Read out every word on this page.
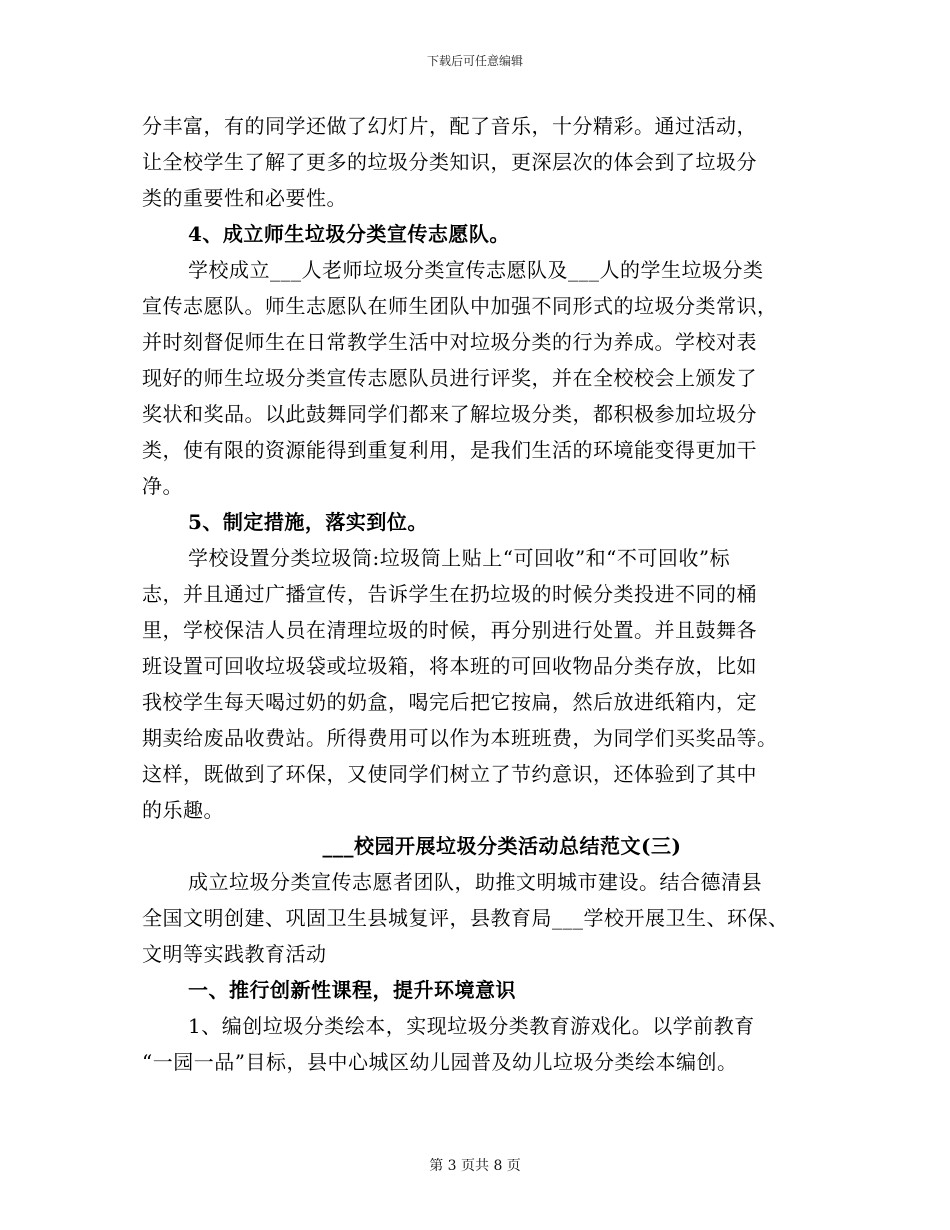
下载后可任意编辑
分丰富，有的同学还做了幻灯片，配了音乐，十分精彩。通过活动，
让全校学生了解了更多的垃圾分类知识，更深层次的体会到了垃圾分
类的重要性和必要性。
4、成立师生垃圾分类宣传志愿队。
学校成立___人老师垃圾分类宣传志愿队及___人的学生垃圾分类
宣传志愿队。师生志愿队在师生团队中加强不同形式的垃圾分类常识，
并时刻督促师生在日常教学生活中对垃圾分类的行为养成。学校对表
现好的师生垃圾分类宣传志愿队员进行评奖，并在全校校会上颁发了
奖状和奖品。以此鼓舞同学们都来了解垃圾分类，都积极参加垃圾分
类，使有限的资源能得到重复利用，是我们生活的环境能变得更加干
净。
5、制定措施，落实到位。
学校设置分类垃圾筒:垃圾筒上贴上“可回收”和“不可回收”标
志，并且通过广播宣传，告诉学生在扔垃圾的时候分类投进不同的桶
里，学校保洁人员在清理垃圾的时候，再分别进行处置。并且鼓舞各
班设置可回收垃圾袋或垃圾箱，将本班的可回收物品分类存放，比如
我校学生每天喝过奶的奶盒，喝完后把它按扁，然后放进纸箱内，定
期卖给废品收费站。所得费用可以作为本班班费，为同学们买奖品等。
这样，既做到了环保，又使同学们树立了节约意识，还体验到了其中
的乐趣。
___校园开展垃圾分类活动总结范文(三)
成立垃圾分类宣传志愿者团队，助推文明城市建设。结合德清县
全国文明创建、巩固卫生县城复评，县教育局___学校开展卫生、环保、
文明等实践教育活动
一、推行创新性课程，提升环境意识
1、编创垃圾分类绘本，实现垃圾分类教育游戏化。以学前教育
“一园一品”目标，县中心城区幼儿园普及幼儿垃圾分类绘本编创。
第 3 页共 8 页
